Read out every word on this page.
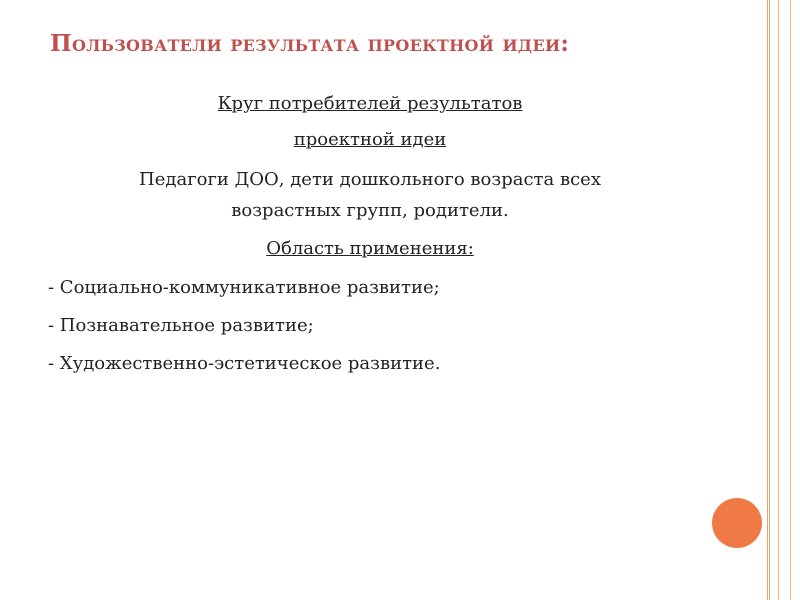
Пользователи результата проектной идеи:
Круг потребителей результатов
проектной идеи
Педагоги ДОО, дети дошкольного возраста всех
возрастных групп, родители.
Область применения:
- Социально-коммуникативное развитие;
- Познавательное развитие;
- Художественно-эстетическое развитие.
